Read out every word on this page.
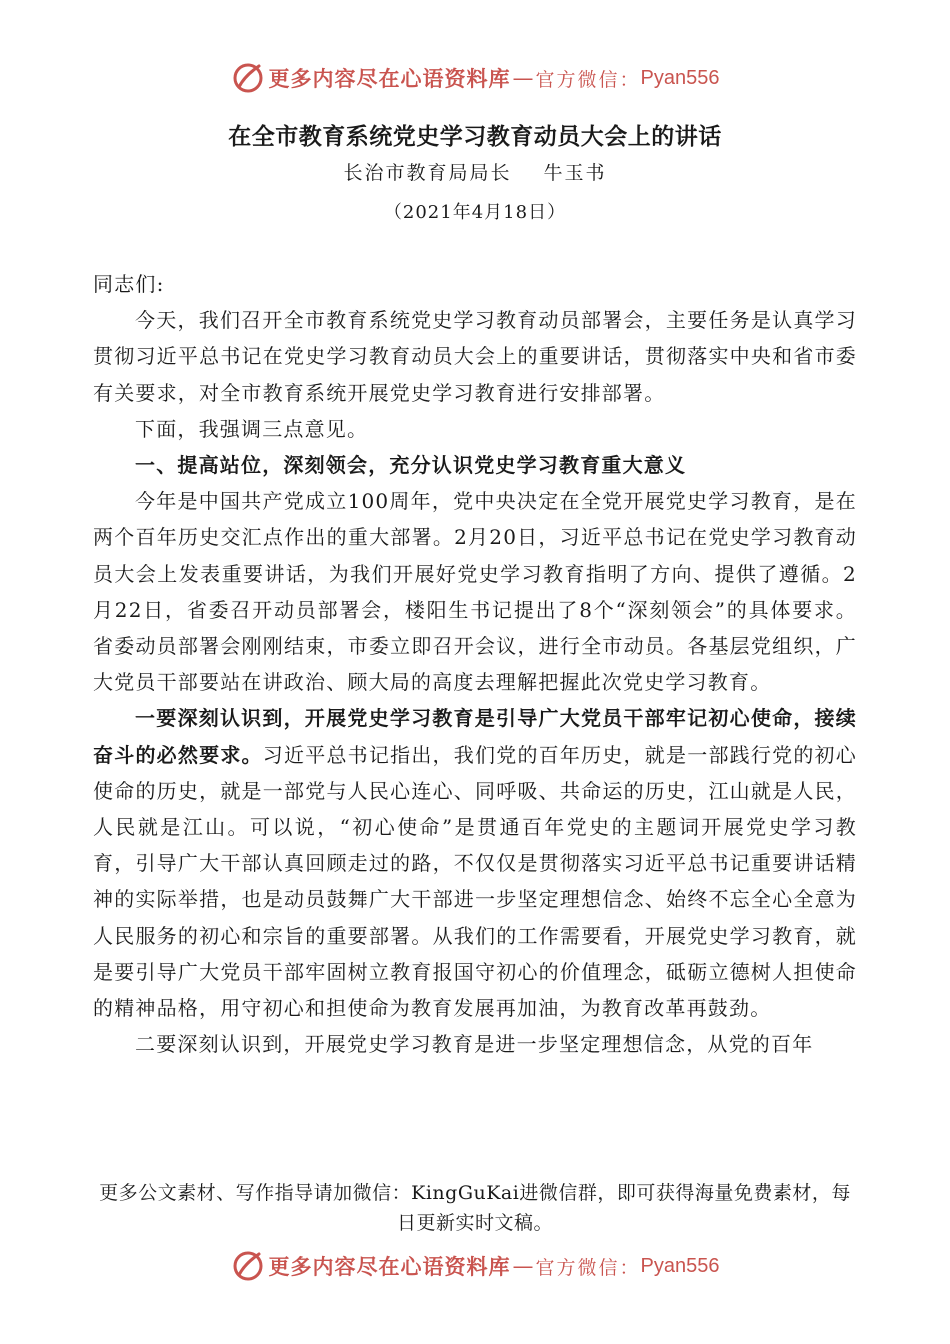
更多内容尽在心语资料库 — 官方微信： Pyan556
在全市教育系统党史学习教育动员大会上的讲话
长治市教育局局长 牛玉书
（2021年4月18日）

同志们:

今天，我们召开全市教育系统党史学习教育动员部署会，主要任务是认真学习贯彻习近平总书记在党史学习教育动员大会上的重要讲话，贯彻落实中央和省市委有关要求，对全市教育系统开展党史学习教育进行安排部署。

下面，我强调三点意见。

一、提高站位，深刻领会，充分认识党史学习教育重大意义

今年是中国共产党成立100周年，党中央决定在全党开展党史学习教育，是在两个百年历史交汇点作出的重大部署。2月20日，习近平总书记在党史学习教育动员大会上发表重要讲话，为我们开展好党史学习教育指明了方向、提供了遵循。2月22日，省委召开动员部署会，楼阳生书记提出了8个“深刻领会”的具体要求。省委动员部署会刚刚结束，市委立即召开会议，进行全市动员。各基层党组织，广大党员干部要站在讲政治、顾大局的高度去理解把握此次党史学习教育。

一要深刻认识到，开展党史学习教育是引导广大党员干部牢记初心使命，接续奋斗的必然要求。习近平总书记指出，我们党的百年历史，就是一部践行党的初心使命的历史，就是一部党与人民心连心、同呼吸、共命运的历史，江山就是人民，人民就是江山。可以说，“初心使命”是贯通百年党史的主题词开展党史学习教育，引导广大干部认真回顾走过的路，不仅仅是贯彻落实习近平总书记重要讲话精神的实际举措，也是动员鼓舞广大干部进一步坚定理想信念、始终不忘全心全意为人民服务的初心和宗旨的重要部署。从我们的工作需要看，开展党史学习教育，就是要引导广大党员干部牢固树立教育报国守初心的价值理念，砥砺立德树人担使命的精神品格，用守初心和担使命为教育发展再加油，为教育改革再鼓劲。

二要深刻认识到，开展党史学习教育是进一步坚定理想信念，从党的百年

更多公文素材、写作指导请加微信：KingGuKai进微信群，即可获得海量免费素材，每日更新实时文稿。
更多内容尽在心语资料库 — 官方微信： Pyan556
